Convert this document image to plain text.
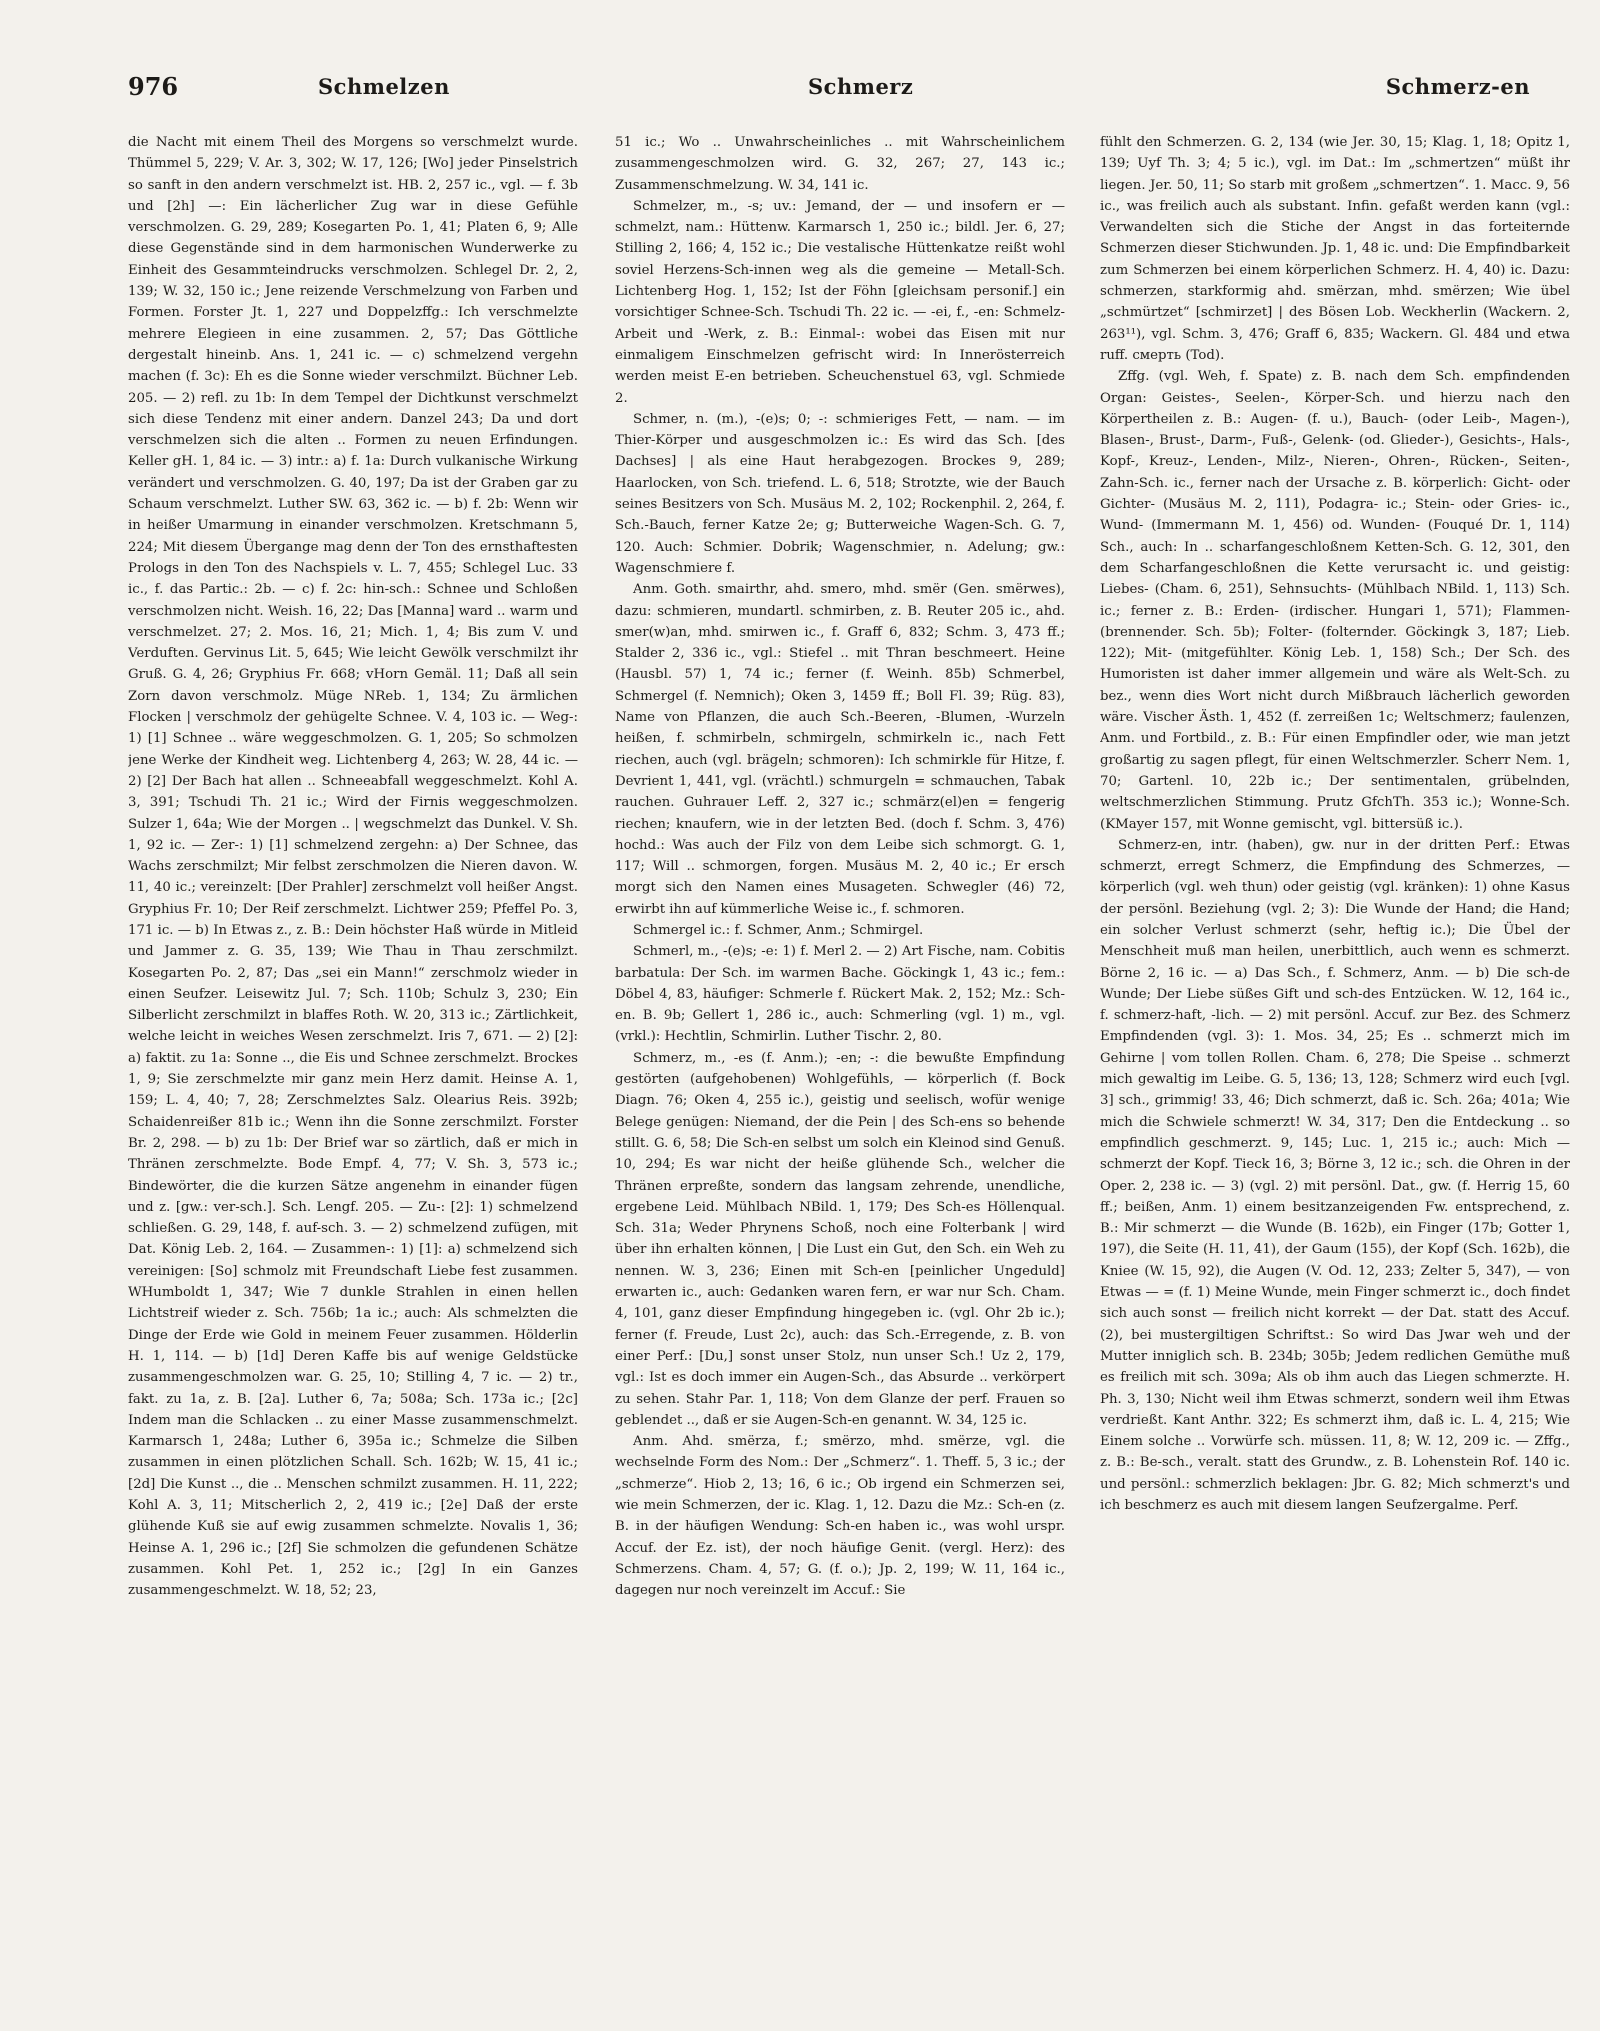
976	Schmelzen	Schmerz	Schmerz-en

die Nacht mit einem Theil des Morgens so verschmelzt wurde. Thümmel 5, 229; V. Ar. 3, 302; W. 17, 126; [Wo] jeder Pinselstrich so sanft in den andern verschmelzt ist. HB. 2, 257 ic., vgl. — f. 3b und [2h] —: Ein lächerlicher Zug war in diese Gefühle verschmolzen. G. 29, 289; Kosegarten Po. 1, 41; Platen 6, 9; Alle diese Gegenstände sind in dem harmonischen Wunderwerke zu Einheit des Gesammteindrucks verschmolzen. Schlegel Dr. 2, 2, 139; W. 32, 150 ic.; Jene reizende Verschmelzung von Farben und Formen. Forster Jt. 1, 227 und Doppelzffg.: Ich verschmelzte mehrere Elegieen in eine zusammen. 2, 57; Das Göttliche dergestalt hineinb. Ans. 1, 241 ic. — c) schmelzend vergehn machen (f. 3c): Eh es die Sonne wieder verschmilzt. Büchner Leb. 205. — 2) refl. zu 1b: In dem Tempel der Dichtkunst verschmelzt sich diese Tendenz mit einer andern. Danzel 243; Da und dort verschmelzen sich die alten .. Formen zu neuen Erfindungen. Keller gH. 1, 84 ic. — 3) intr.: a) f. 1a: Durch vulkanische Wirkung verändert und verschmolzen. G. 40, 197; Da ist der Graben gar zu Schaum verschmelzt. Luther SW. 63, 362 ic. — b) f. 2b: Wenn wir in heißer Umarmung in einander verschmolzen. Kretschmann 5, 224; Mit diesem Übergange mag denn der Ton des ernsthaftesten Prologs in den Ton des Nachspiels v. L. 7, 455; Schlegel Luc. 33 ic., f. das Partic.: 2b. — c) f. 2c: hin-sch.: Schnee und Schloßen verschmolzen nicht. Weish. 16, 22; Das [Manna] ward .. warm und verschmelzet. 27; 2. Mos. 16, 21; Mich. 1, 4; Bis zum V. und Verduften. Gervinus Lit. 5, 645; Wie leicht Gewölk verschmilzt ihr Gruß. G. 4, 26; Gryphius Fr. 668; vHorn Gemäl. 11; Daß all sein Zorn davon verschmolz. Müge NReb. 1, 134; Zu ärmlichen Flocken | verschmolz der gehügelte Schnee. V. 4, 103 ic. — Weg-: 1) [1] Schnee .. wäre weggeschmolzen. G. 1, 205; So schmolzen jene Werke der Kindheit weg. Lichtenberg 4, 263; W. 28, 44 ic. — 2) [2] Der Bach hat allen .. Schneeabfall weggeschmelzt. Kohl A. 3, 391; Tschudi Th. 21 ic.; Wird der Firnis weggeschmolzen. Sulzer 1, 64a; Wie der Morgen .. | wegschmelzt das Dunkel. V. Sh. 1, 92 ic. — Zer-: 1) [1] schmelzend zergehn: a) Der Schnee, das Wachs zerschmilzt; Mir felbst zerschmolzen die Nieren davon. W. 11, 40 ic.; vereinzelt: [Der Prahler] zerschmelzt voll heißer Angst. Gryphius Fr. 10; Der Reif zerschmelzt. Lichtwer 259; Pfeffel Po. 3, 171 ic. — b) In Etwas z., z. B.: Dein höchster Haß würde in Mitleid und Jammer z. G. 35, 139; Wie Thau in Thau zerschmilzt. Kosegarten Po. 2, 87; Das „sei ein Mann!“ zerschmolz wieder in einen Seufzer. Leisewitz Jul. 7; Sch. 110b; Schulz 3, 230; Ein Silberlicht zerschmilzt in blaffes Roth. W. 20, 313 ic.; Zärtlichkeit, welche leicht in weiches Wesen zerschmelzt. Iris 7, 671. — 2) [2]: a) faktit. zu 1a: Sonne .., die Eis und Schnee zerschmelzt. Brockes 1, 9; Sie zerschmelzte mir ganz mein Herz damit. Heinse A. 1, 159; L. 4, 40; 7, 28; Zerschmelztes Salz. Olearius Reis. 392b; Schaidenreißer 81b ic.; Wenn ihn die Sonne zerschmilzt. Forster Br. 2, 298. — b) zu 1b: Der Brief war so zärtlich, daß er mich in Thränen zerschmelzte. Bode Empf. 4, 77; V. Sh. 3, 573 ic.; Bindewörter, die die kurzen Sätze angenehm in einander fügen und z. [gw.: ver-sch.]. Sch. Lengf. 205. — Zu-: [2]: 1) schmelzend schließen. G. 29, 148, f. auf-sch. 3. — 2) schmelzend zufügen, mit Dat. König Leb. 2, 164. — Zusammen-: 1) [1]: a) schmelzend sich vereinigen: [So] schmolz mit Freundschaft Liebe fest zusammen. WHumboldt 1, 347; Wie 7 dunkle Strahlen in einen hellen Lichtstreif wieder z. Sch. 756b; 1a ic.; auch: Als schmelzten die Dinge der Erde wie Gold in meinem Feuer zusammen. Hölderlin H. 1, 114. — b) [1d] Deren Kaffe bis auf wenige Geldstücke zusammengeschmolzen war. G. 25, 10; Stilling 4, 7 ic. — 2) tr., fakt. zu 1a, z. B. [2a]. Luther 6, 7a; 508a; Sch. 173a ic.; [2c] Indem man die Schlacken .. zu einer Masse zusammenschmelzt. Karmarsch 1, 248a; Luther 6, 395a ic.; Schmelze die Silben zusammen in einen plötzlichen Schall. Sch. 162b; W. 15, 41 ic.; [2d] Die Kunst .., die .. Menschen schmilzt zusammen. H. 11, 222; Kohl A. 3, 11; Mitscherlich 2, 2, 419 ic.; [2e] Daß der erste glühende Kuß sie auf ewig zusammen schmelzte. Novalis 1, 36; Heinse A. 1, 296 ic.; [2f] Sie schmolzen die gefundenen Schätze zusammen. Kohl Pet. 1, 252 ic.; [2g] In ein Ganzes zusammengeschmelzt. W. 18, 52; 23,

51 ic.; Wo .. Unwahrscheinliches .. mit Wahrscheinlichem zusammengeschmolzen wird. G. 32, 267; 27, 143 ic.; Zusammenschmelzung. W. 34, 141 ic.

Schmelzer, m., -s; uv.: Jemand, der — und insofern er — schmelzt, nam.: Hüttenw. Karmarsch 1, 250 ic.; bildl. Jer. 6, 27; Stilling 2, 166; 4, 152 ic.; Die vestalische Hüttenkatze reißt wohl soviel Herzens-Sch-innen weg als die gemeine — Metall-Sch. Lichtenberg Hog. 1, 152; Ist der Föhn [gleichsam personif.] ein vorsichtiger Schnee-Sch. Tschudi Th. 22 ic. — -ei, f., -en: Schmelz-Arbeit und -Werk, z. B.: Einmal-: wobei das Eisen mit nur einmaligem Einschmelzen gefrischt wird: In Innerösterreich werden meist E-en betrieben. Scheuchenstuel 63, vgl. Schmiede 2.

Schmer, n. (m.), -(e)s; 0; -: schmieriges Fett, — nam. — im Thier-Körper und ausgeschmolzen ic.: Es wird das Sch. [des Dachses] | als eine Haut herabgezogen. Brockes 9, 289; Haarlocken, von Sch. triefend. L. 6, 518; Strotzte, wie der Bauch seines Besitzers von Sch. Musäus M. 2, 102; Rockenphil. 2, 264, f. Sch.-Bauch, ferner Katze 2e; g; Butterweiche Wagen-Sch. G. 7, 120. Auch: Schmier. Dobrik; Wagenschmier, n. Adelung; gw.: Wagenschmiere f.

Anm. Goth. smairthr, ahd. smero, mhd. smër (Gen. smërwes), dazu: schmieren, mundartl. schmirben, z. B. Reuter 205 ic., ahd. smer(w)an, mhd. smirwen ic., f. Graff 6, 832; Schm. 3, 473 ff.; Stalder 2, 336 ic., vgl.: Stiefel .. mit Thran beschmeert. Heine (Hausbl. 57) 1, 74 ic.; ferner (f. Weinh. 85b) Schmerbel, Schmergel (f. Nemnich); Oken 3, 1459 ff.; Boll Fl. 39; Rüg. 83), Name von Pflanzen, die auch Sch.-Beeren, -Blumen, -Wurzeln heißen, f. schmirbeln, schmirgeln, schmirkeln ic., nach Fett riechen, auch (vgl. brägeln; schmoren): Ich schmirkle für Hitze, f. Devrient 1, 441, vgl. (vrächtl.) schmurgeln = schmauchen, Tabak rauchen. Guhrauer Leff. 2, 327 ic.; schmärz(el)en = fengerig riechen; knaufern, wie in der letzten Bed. (doch f. Schm. 3, 476) hochd.: Was auch der Filz von dem Leibe sich schmorgt. G. 1, 117; Will .. schmorgen, forgen. Musäus M. 2, 40 ic.; Er ersch morgt sich den Namen eines Musageten. Schwegler (46) 72, erwirbt ihn auf kümmerliche Weise ic., f. schmoren.

Schmergel ic.: f. Schmer, Anm.; Schmirgel.

Schmerl, m., -(e)s; -e: 1) f. Merl 2. — 2) Art Fische, nam. Cobitis barbatula: Der Sch. im warmen Bache. Göckingk 1, 43 ic.; fem.: Döbel 4, 83, häufiger: Schmerle f. Rückert Mak. 2, 152; Mz.: Sch-en. B. 9b; Gellert 1, 286 ic., auch: Schmerling (vgl. 1) m., vgl. (vrkl.): Hechtlin, Schmirlin. Luther Tischr. 2, 80.

Schmerz, m., -es (f. Anm.); -en; -: die bewußte Empfindung gestörten (aufgehobenen) Wohlgefühls, — körperlich (f. Bock Diagn. 76; Oken 4, 255 ic.), geistig und seelisch, wofür wenige Belege genügen: Niemand, der die Pein | des Sch-ens so behende stillt. G. 6, 58; Die Sch-en selbst um solch ein Kleinod sind Genuß. 10, 294; Es war nicht der heiße glühende Sch., welcher die Thränen erpreßte, sondern das langsam zehrende, unendliche, ergebene Leid. Mühlbach NBild. 1, 179; Des Sch-es Höllenqual. Sch. 31a; Weder Phrynens Schoß, noch eine Folterbank | wird über ihn erhalten können, | Die Lust ein Gut, den Sch. ein Weh zu nennen. W. 3, 236; Einen mit Sch-en [peinlicher Ungeduld] erwarten ic., auch: Gedanken waren fern, er war nur Sch. Cham. 4, 101, ganz dieser Empfindung hingegeben ic. (vgl. Ohr 2b ic.); ferner (f. Freude, Lust 2c), auch: das Sch.-Erregende, z. B. von einer Perf.: [Du,] sonst unser Stolz, nun unser Sch.! Uz 2, 179, vgl.: Ist es doch immer ein Augen-Sch., das Absurde .. verkörpert zu sehen. Stahr Par. 1, 118; Von dem Glanze der perf. Frauen so geblendet .., daß er sie Augen-Sch-en genannt. W. 34, 125 ic.

Anm. Ahd. smërza, f.; smërzo, mhd. smërze, vgl. die wechselnde Form des Nom.: Der „Schmerz“. 1. Theff. 5, 3 ic.; der „schmerze“. Hiob 2, 13; 16, 6 ic.; Ob irgend ein Schmerzen sei, wie mein Schmerzen, der ic. Klag. 1, 12. Dazu die Mz.: Sch-en (z. B. in der häufigen Wendung: Sch-en haben ic., was wohl urspr. Accuf. der Ez. ist), der noch häufige Genit. (vergl. Herz): des Schmerzens. Cham. 4, 57; G. (f. o.); Jp. 2, 199; W. 11, 164 ic., dagegen nur noch vereinzelt im Accuf.: Sie

fühlt den Schmerzen. G. 2, 134 (wie Jer. 30, 15; Klag. 1, 18; Opitz 1, 139; Uyf Th. 3; 4; 5 ic.), vgl. im Dat.: Im „schmertzen“ müßt ihr liegen. Jer. 50, 11; So starb mit großem „schmertzen“. 1. Macc. 9, 56 ic., was freilich auch als substant. Infin. gefaßt werden kann (vgl.: Verwandelten sich die Stiche der Angst in das forteiternde Schmerzen dieser Stichwunden. Jp. 1, 48 ic. und: Die Empfindbarkeit zum Schmerzen bei einem körperlichen Schmerz. H. 4, 40) ic. Dazu: schmerzen, starkformig ahd. smërzan, mhd. smërzen; Wie übel „schmürtzet“ [schmirzet] | des Bösen Lob. Weckherlin (Wackern. 2, 263¹¹), vgl. Schm. 3, 476; Graff 6, 835; Wackern. Gl. 484 und etwa ruff. смерть (Tod).

Zffg. (vgl. Weh, f. Spate) z. B. nach dem Sch. empfindenden Organ: Geistes-, Seelen-, Körper-Sch. und hierzu nach den Körpertheilen z. B.: Augen- (f. u.), Bauch- (oder Leib-, Magen-), Blasen-, Brust-, Darm-, Fuß-, Gelenk- (od. Glieder-), Gesichts-, Hals-, Kopf-, Kreuz-, Lenden-, Milz-, Nieren-, Ohren-, Rücken-, Seiten-, Zahn-Sch. ic., ferner nach der Ursache z. B. körperlich: Gicht- oder Gichter- (Musäus M. 2, 111), Podagra- ic.; Stein- oder Gries- ic., Wund- (Immermann M. 1, 456) od. Wunden- (Fouqué Dr. 1, 114) Sch., auch: In .. scharfangeschloßnem Ketten-Sch. G. 12, 301, den dem Scharfangeschloßnen die Kette verursacht ic. und geistig: Liebes- (Cham. 6, 251), Sehnsuchts- (Mühlbach NBild. 1, 113) Sch. ic.; ferner z. B.: Erden- (irdischer. Hungari 1, 571); Flammen- (brennender. Sch. 5b); Folter- (folternder. Göckingk 3, 187; Lieb. 122); Mit- (mitgefühlter. König Leb. 1, 158) Sch.; Der Sch. des Humoristen ist daher immer allgemein und wäre als Welt-Sch. zu bez., wenn dies Wort nicht durch Mißbrauch lächerlich geworden wäre. Vischer Ästh. 1, 452 (f. zerreißen 1c; Weltschmerz; faulenzen, Anm. und Fortbild., z. B.: Für einen Empfindler oder, wie man jetzt großartig zu sagen pflegt, für einen Weltschmerzler. Scherr Nem. 1, 70; Gartenl. 10, 22b ic.; Der sentimentalen, grübelnden, weltschmerzlichen Stimmung. Prutz GfchTh. 353 ic.); Wonne-Sch. (KMayer 157, mit Wonne gemischt, vgl. bittersüß ic.).

Schmerz-en, intr. (haben), gw. nur in der dritten Perf.: Etwas schmerzt, erregt Schmerz, die Empfindung des Schmerzes, — körperlich (vgl. weh thun) oder geistig (vgl. kränken): 1) ohne Kasus der persönl. Beziehung (vgl. 2; 3): Die Wunde der Hand; die Hand; ein solcher Verlust schmerzt (sehr, heftig ic.); Die Übel der Menschheit muß man heilen, unerbittlich, auch wenn es schmerzt. Börne 2, 16 ic. — a) Das Sch., f. Schmerz, Anm. — b) Die sch-de Wunde; Der Liebe süßes Gift und sch-des Entzücken. W. 12, 164 ic., f. schmerz-haft, -lich. — 2) mit persönl. Accuf. zur Bez. des Schmerz Empfindenden (vgl. 3): 1. Mos. 34, 25; Es .. schmerzt mich im Gehirne | vom tollen Rollen. Cham. 6, 278; Die Speise .. schmerzt mich gewaltig im Leibe. G. 5, 136; 13, 128; Schmerz wird euch [vgl. 3] sch., grimmig! 33, 46; Dich schmerzt, daß ic. Sch. 26a; 401a; Wie mich die Schwiele schmerzt! W. 34, 317; Den die Entdeckung .. so empfindlich geschmerzt. 9, 145; Luc. 1, 215 ic.; auch: Mich — schmerzt der Kopf. Tieck 16, 3; Börne 3, 12 ic.; sch. die Ohren in der Oper. 2, 238 ic. — 3) (vgl. 2) mit persönl. Dat., gw. (f. Herrig 15, 60 ff.; beißen, Anm. 1) einem besitzanzeigenden Fw. entsprechend, z. B.: Mir schmerzt — die Wunde (B. 162b), ein Finger (17b; Gotter 1, 197), die Seite (H. 11, 41), der Gaum (155), der Kopf (Sch. 162b), die Kniee (W. 15, 92), die Augen (V. Od. 12, 233; Zelter 5, 347), — von Etwas — = (f. 1) Meine Wunde, mein Finger schmerzt ic., doch findet sich auch sonst — freilich nicht korrekt — der Dat. statt des Accuf. (2), bei mustergiltigen Schriftst.: So wird Das Jwar weh und der Mutter inniglich sch. B. 234b; 305b; Jedem redlichen Gemüthe muß es freilich mit sch. 309a; Als ob ihm auch das Liegen schmerzte. H. Ph. 3, 130; Nicht weil ihm Etwas schmerzt, sondern weil ihm Etwas verdrießt. Kant Anthr. 322; Es schmerzt ihm, daß ic. L. 4, 215; Wie Einem solche .. Vorwürfe sch. müssen. 11, 8; W. 12, 209 ic. — Zffg., z. B.: Be-sch., veralt. statt des Grundw., z. B. Lohenstein Rof. 140 ic. und persönl.: schmerzlich beklagen: Jbr. G. 82; Mich schmerzt's und ich beschmerz es auch mit diesem langen Seufzergalme. Perf.
